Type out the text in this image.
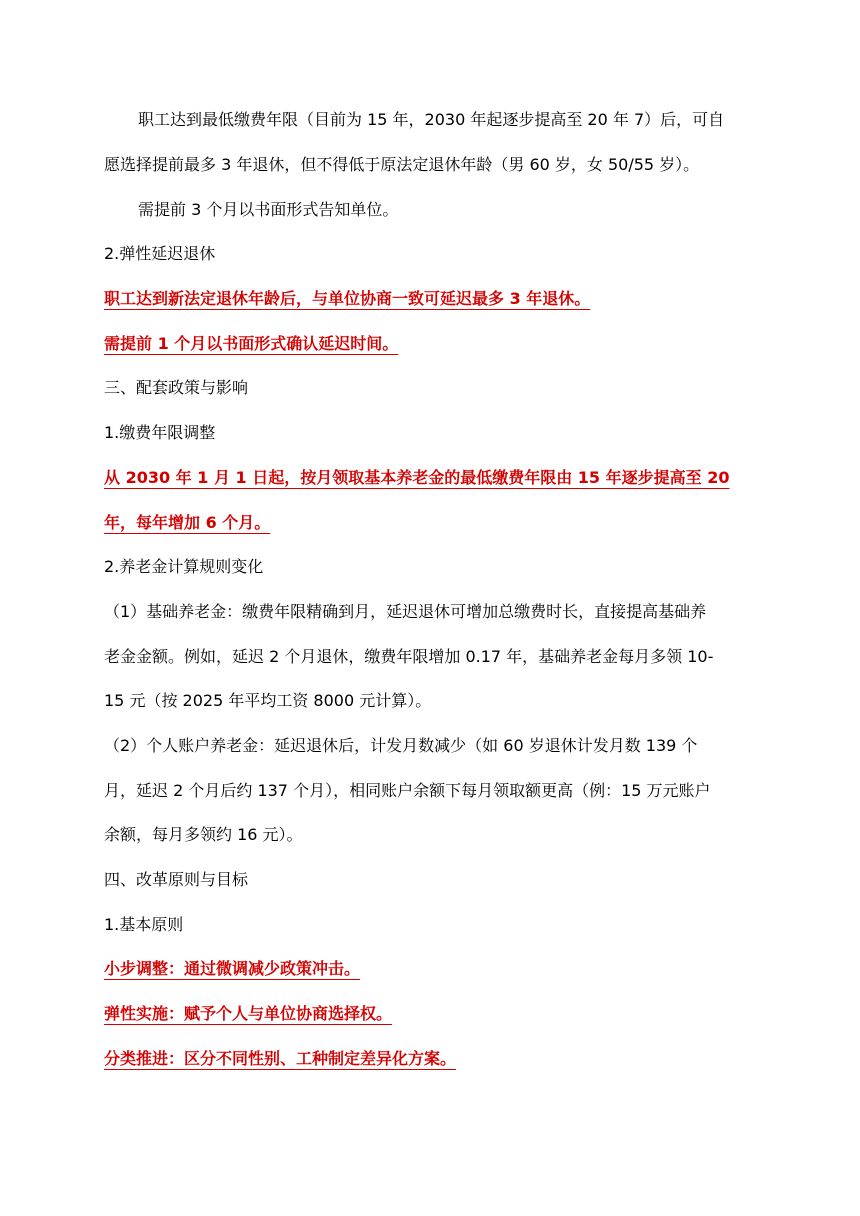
职工达到最低缴费年限（目前为 15 年，2030 年起逐步提高至 20 年 7）后，可自

愿选择提前最多 3 年退休，但不得低于原法定退休年龄（男 60 岁，女 50/55 岁）。

需提前 3 个月以书面形式告知单位。

2.弹性延迟退休

职工达到新法定退休年龄后，与单位协商一致可延迟最多 3 年退休。

需提前 1 个月以书面形式确认延迟时间。

三、配套政策与影响

1.缴费年限调整

从 2030 年 1 月 1 日起，按月领取基本养老金的最低缴费年限由 15 年逐步提高至 20

年，每年增加 6 个月。

2.养老金计算规则变化

（1）基础养老金：缴费年限精确到月，延迟退休可增加总缴费时长，直接提高基础养

老金金额。例如，延迟 2 个月退休，缴费年限增加 0.17 年，基础养老金每月多领 10-

15 元（按 2025 年平均工资 8000 元计算）。

（2）个人账户养老金：延迟退休后，计发月数减少（如 60 岁退休计发月数 139 个

月，延迟 2 个月后约 137 个月），相同账户余额下每月领取额更高（例：15 万元账户

余额，每月多领约 16 元）。

四、改革原则与目标

1.基本原则

小步调整：通过微调减少政策冲击。

弹性实施：赋予个人与单位协商选择权。

分类推进：区分不同性别、工种制定差异化方案。
